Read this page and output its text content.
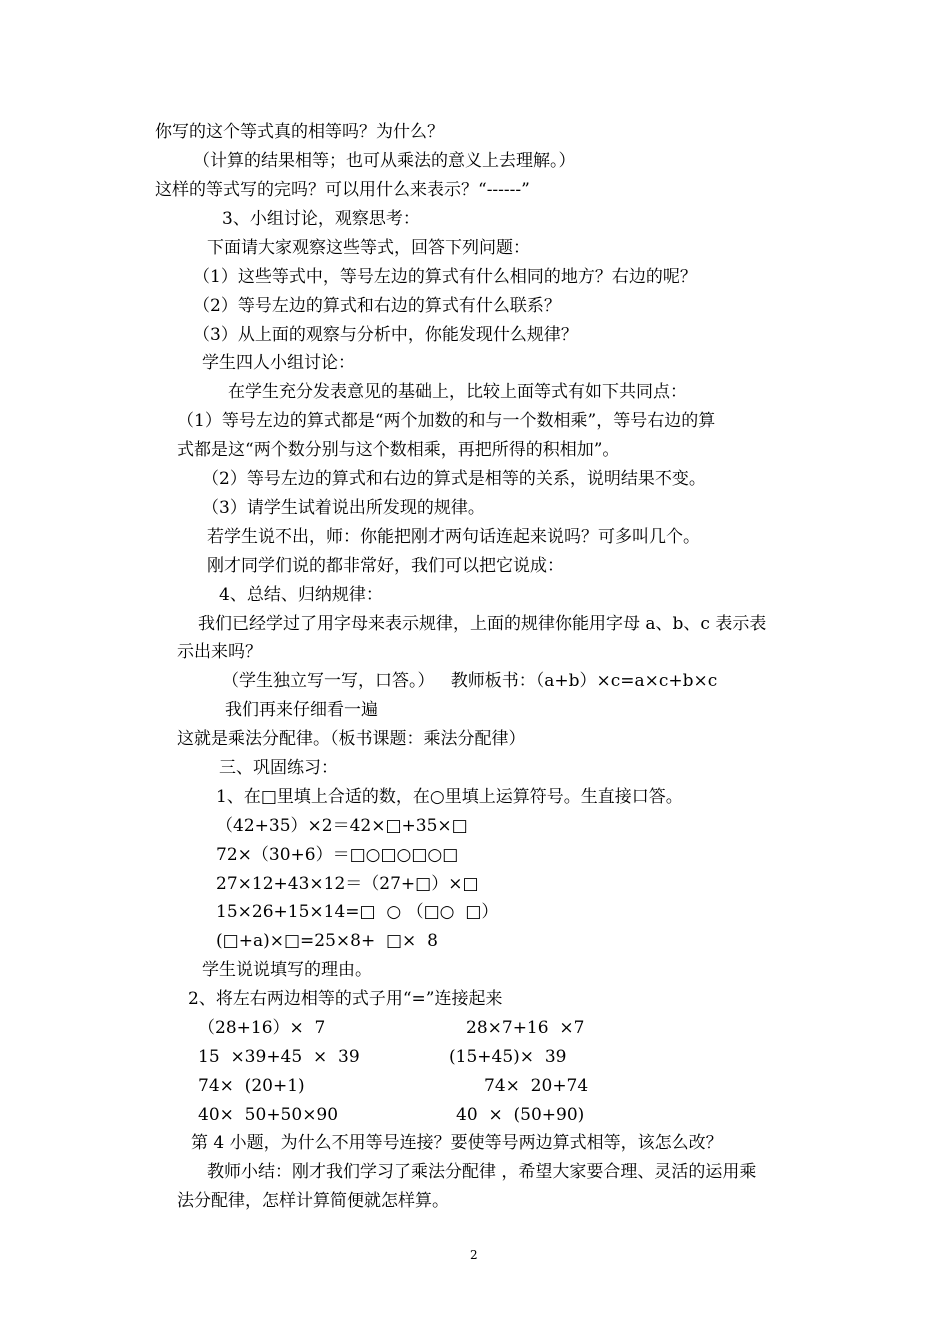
你写的这个等式真的相等吗？为什么？
（计算的结果相等；也可从乘法的意义上去理解。）
这样的等式写的完吗？可以用什么来表示？“------”
3、小组讨论，观察思考：
下面请大家观察这些等式，回答下列问题：
（1）这些等式中，等号左边的算式有什么相同的地方？右边的呢？
（2）等号左边的算式和右边的算式有什么联系？
（3）从上面的观察与分析中，你能发现什么规律？
学生四人小组讨论：
在学生充分发表意见的基础上，比较上面等式有如下共同点：
（1）等号左边的算式都是“两个加数的和与一个数相乘”，等号右边的算
式都是这“两个数分别与这个数相乘，再把所得的积相加”。
（2）等号左边的算式和右边的算式是相等的关系，说明结果不变。
（3）请学生试着说出所发现的规律。
若学生说不出，师：你能把刚才两句话连起来说吗？可多叫几个。
刚才同学们说的都非常好，我们可以把它说成：
4、总结、归纳规律：
我们已经学过了用字母来表示规律，上面的规律你能用字母 a、b、c 表示表
示出来吗？
（学生独立写一写，口答。）   教师板书：（a+b）×c=a×c+b×c
我们再来仔细看一遍
这就是乘法分配律。（板书课题：乘法分配律）
三、巩固练习：
1、在□里填上合适的数，在○里填上运算符号。生直接口答。
（42+35）×2＝42×□+35×□
72×（30+6）＝□○□○□○□
27×12+43×12＝（27+□）×□
15×26+15×14=□  ○ （□○  □）
(□+a)×□=25×8+  □×  8
学生说说填写的理由。
2、将左右两边相等的式子用“=”连接起来
（28+16）×  7	28×7+16  ×7
15  ×39+45  ×  39	(15+45)×  39
74×  (20+1)	74×  20+74
40×  50+50×90	40  ×  (50+90)
第 4 小题，为什么不用等号连接？要使等号两边算式相等，该怎么改？
教师小结：刚才我们学习了乘法分配律 ，希望大家要合理、灵活的运用乘
法分配律，怎样计算简便就怎样算。
2
